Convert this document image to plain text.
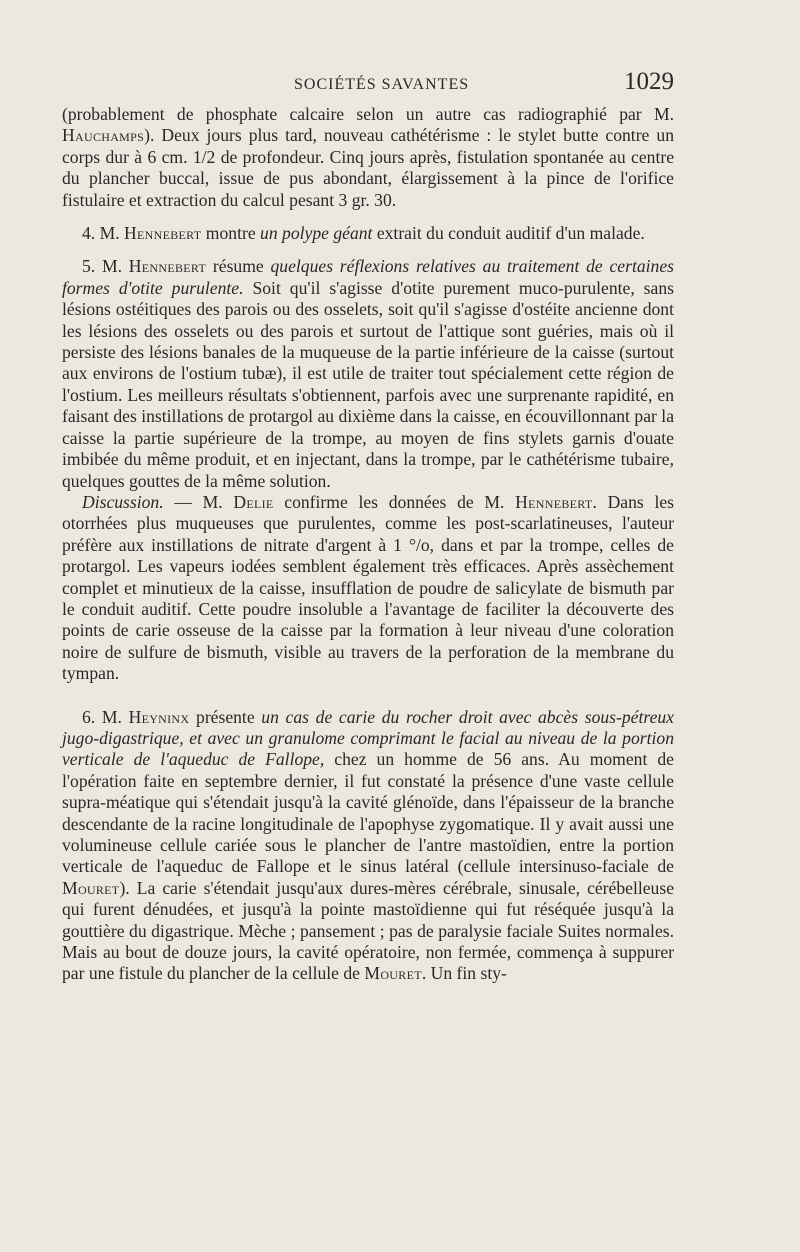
SOCIÉTÉS SAVANTES	1029

(probablement de phosphate calcaire selon un autre cas radiographié par M. Hauchamps). Deux jours plus tard, nouveau cathétérisme : le stylet butte contre un corps dur à 6 cm. 1/2 de profondeur. Cinq jours après, fistulation spontanée au centre du plancher buccal, issue de pus abondant, élargissement à la pince de l'orifice fistulaire et extraction du calcul pesant 3 gr. 30.

4. M. Hennebert montre un polype géant extrait du conduit auditif d'un malade.

5. M. Hennebert résume quelques réflexions relatives au traitement de certaines formes d'otite purulente. Soit qu'il s'agisse d'otite purement muco-purulente, sans lésions ostéitiques des parois ou des osselets, soit qu'il s'agisse d'ostéite ancienne dont les lésions des osselets ou des parois et surtout de l'attique sont guéries, mais où il persiste des lésions banales de la muqueuse de la partie inférieure de la caisse (surtout aux environs de l'ostium tubæ), il est utile de traiter tout spécialement cette région de l'ostium. Les meilleurs résultats s'obtiennent, parfois avec une surprenante rapidité, en faisant des instillations de protargol au dixième dans la caisse, en écouvillonnant par la caisse la partie supérieure de la trompe, au moyen de fins stylets garnis d'ouate imbibée du même produit, et en injectant, dans la trompe, par le cathétérisme tubaire, quelques gouttes de la même solution.

Discussion. — M. Delie confirme les données de M. Hennebert. Dans les otorrhées plus muqueuses que purulentes, comme les post-scarlatineuses, l'auteur préfère aux instillations de nitrate d'argent à 1 °/o, dans et par la trompe, celles de protargol. Les vapeurs iodées semblent également très efficaces. Après assèchement complet et minutieux de la caisse, insufflation de poudre de salicylate de bismuth par le conduit auditif. Cette poudre insoluble a l'avantage de faciliter la découverte des points de carie osseuse de la caisse par la formation à leur niveau d'une coloration noire de sulfure de bismuth, visible au travers de la perforation de la membrane du tympan.

6. M. Heyninx présente un cas de carie du rocher droit avec abcès sous-pétreux jugo-digastrique, et avec un granulome comprimant le facial au niveau de la portion verticale de l'aqueduc de Fallope, chez un homme de 56 ans. Au moment de l'opération faite en septembre dernier, il fut constaté la présence d'une vaste cellule supra-méatique qui s'étendait jusqu'à la cavité glénoïde, dans l'épaisseur de la branche descendante de la racine longitudinale de l'apophyse zygomatique. Il y avait aussi une volumineuse cellule cariée sous le plancher de l'antre mastoïdien, entre la portion verticale de l'aqueduc de Fallope et le sinus latéral (cellule intersinuso-faciale de Mouret). La carie s'étendait jusqu'aux dures-mères cérébrale, sinusale, cérébelleuse qui furent dénudées, et jusqu'à la pointe mastoïdienne qui fut réséquée jusqu'à la gouttière du digastrique. Mèche ; pansement ; pas de paralysie faciale Suites normales. Mais au bout de douze jours, la cavité opératoire, non fermée, commença à suppurer par une fistule du plancher de la cellule de Mouret. Un fin sty-
